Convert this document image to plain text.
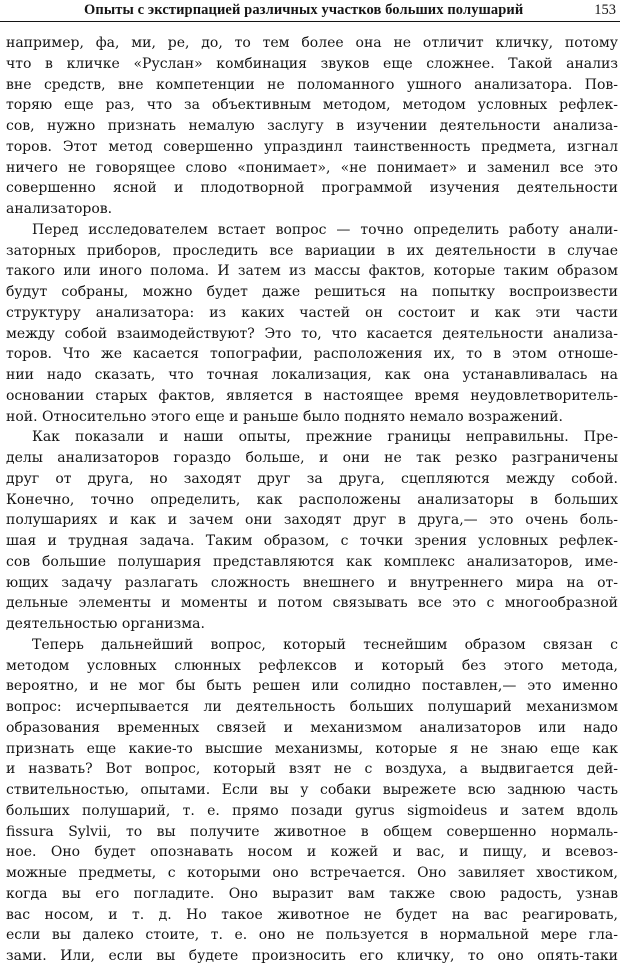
Опыты с экстирпацией различных участков больших полушарий	153
например, фа, ми, ре, до, то тем более она не отличит кличку, потому
что в кличке «Руслан» комбинация звуков еще сложнее. Такой анализ
вне средств, вне компетенции не поломанного ушного анализатора. Пов-
торяю еще раз, что за объективным методом, методом условных рефлек-
сов, нужно признать немалую заслугу в изучении деятельности анализа-
торов. Этот метод совершенно упраздинл таинственность предмета, изгнал
ничего не говорящее слово «понимает», «не понимает» и заменил все это
совершенно ясной и плодотворной программой изучения деятельности
анализаторов.
Перед исследователем встает вопрос — точно определить работу анали-
заторных приборов, проследить все вариации в их деятельности в случае
такого или иного полома. И затем из массы фактов, которые таким образом
будут собраны, можно будет даже решиться на попытку воспроизвести
структуру анализатора: из каких частей он состоит и как эти части
между собой взаимодействуют? Это то, что касается деятельности анализа-
торов. Что же касается топографии, расположения их, то в этом отноше-
нии надо сказать, что точная локализация, как она устанавливалась на
основании старых фактов, является в настоящее время неудовлетворитель-
ной. Относительно этого еще и раньше было поднято немало возражений.
Как показали и наши опыты, прежние границы неправильны. Пре-
делы анализаторов гораздо больше, и они не так резко разграничены
друг от друга, но заходят друг за друга, сцепляются между собой.
Конечно, точно определить, как расположены анализаторы в больших
полушариях и как и зачем они заходят друг в друга,— это очень боль-
шая и трудная задача. Таким образом, с точки зрения условных рефлек-
сов большие полушария представляются как комплекс анализаторов, име-
ющих задачу разлагать сложность внешнего и внутреннего мира на от-
дельные элементы и моменты и потом связывать все это с многообразной
деятельностью организма.
Теперь дальнейший вопрос, который теснейшим образом связан с
методом условных слюнных рефлексов и который без этого метода,
вероятно, и не мог бы быть решен или солидно поставлен,— это именно
вопрос: исчерпывается ли деятельность больших полушарий механизмом
образования временных связей и механизмом анализаторов или надо
признать еще какие-то высшие механизмы, которые я не знаю еще как
и назвать? Вот вопрос, который взят не с воздуха, а выдвигается дей-
ствительностью, опытами. Если вы у собаки вырежете всю заднюю часть
больших полушарий, т. е. прямо позади gyrus sigmoideus и затем вдоль
fissura Sylvii, то вы получите животное в общем совершенно нормаль-
ное. Оно будет опознавать носом и кожей и вас, и пищу, и всевоз-
можные предметы, с которыми оно встречается. Оно завиляет хвостиком,
когда вы его погладите. Оно выразит вам также свою радость, узнав
вас носом, и т. д. Но такое животное не будет на вас реагировать,
если вы далеко стоите, т. е. оно не пользуется в нормальной мере гла-
зами. Или, если вы будете произносить его кличку, то оно опять-таки
